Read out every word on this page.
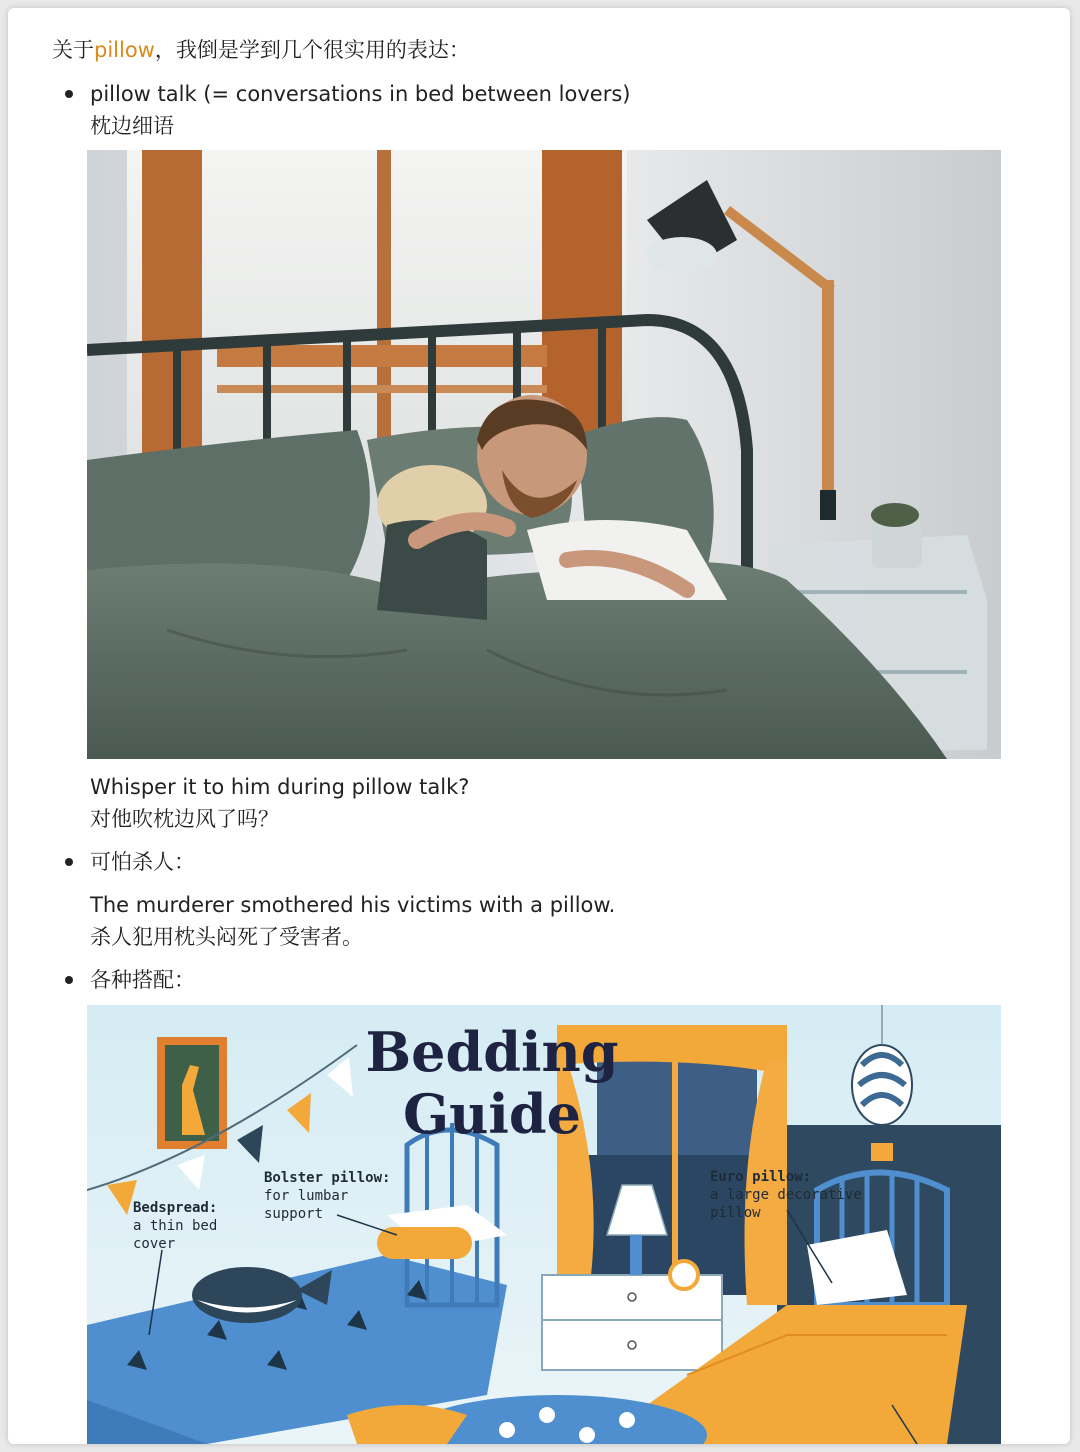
关于pillow，我倒是学到几个很实用的表达：
pillow talk (= conversations in bed between lovers)
枕边细语
Whisper it to him during pillow talk?
对他吹枕边风了吗？
可怕杀人：
The murderer smothered his victims with a pillow.
杀人犯用枕头闷死了受害者。
各种搭配：
Bedding
Guide
Bedspread:
a thin bed
cover
Bolster pillow:
for lumbar
support
Euro pillow:
a large decorative
pillow
